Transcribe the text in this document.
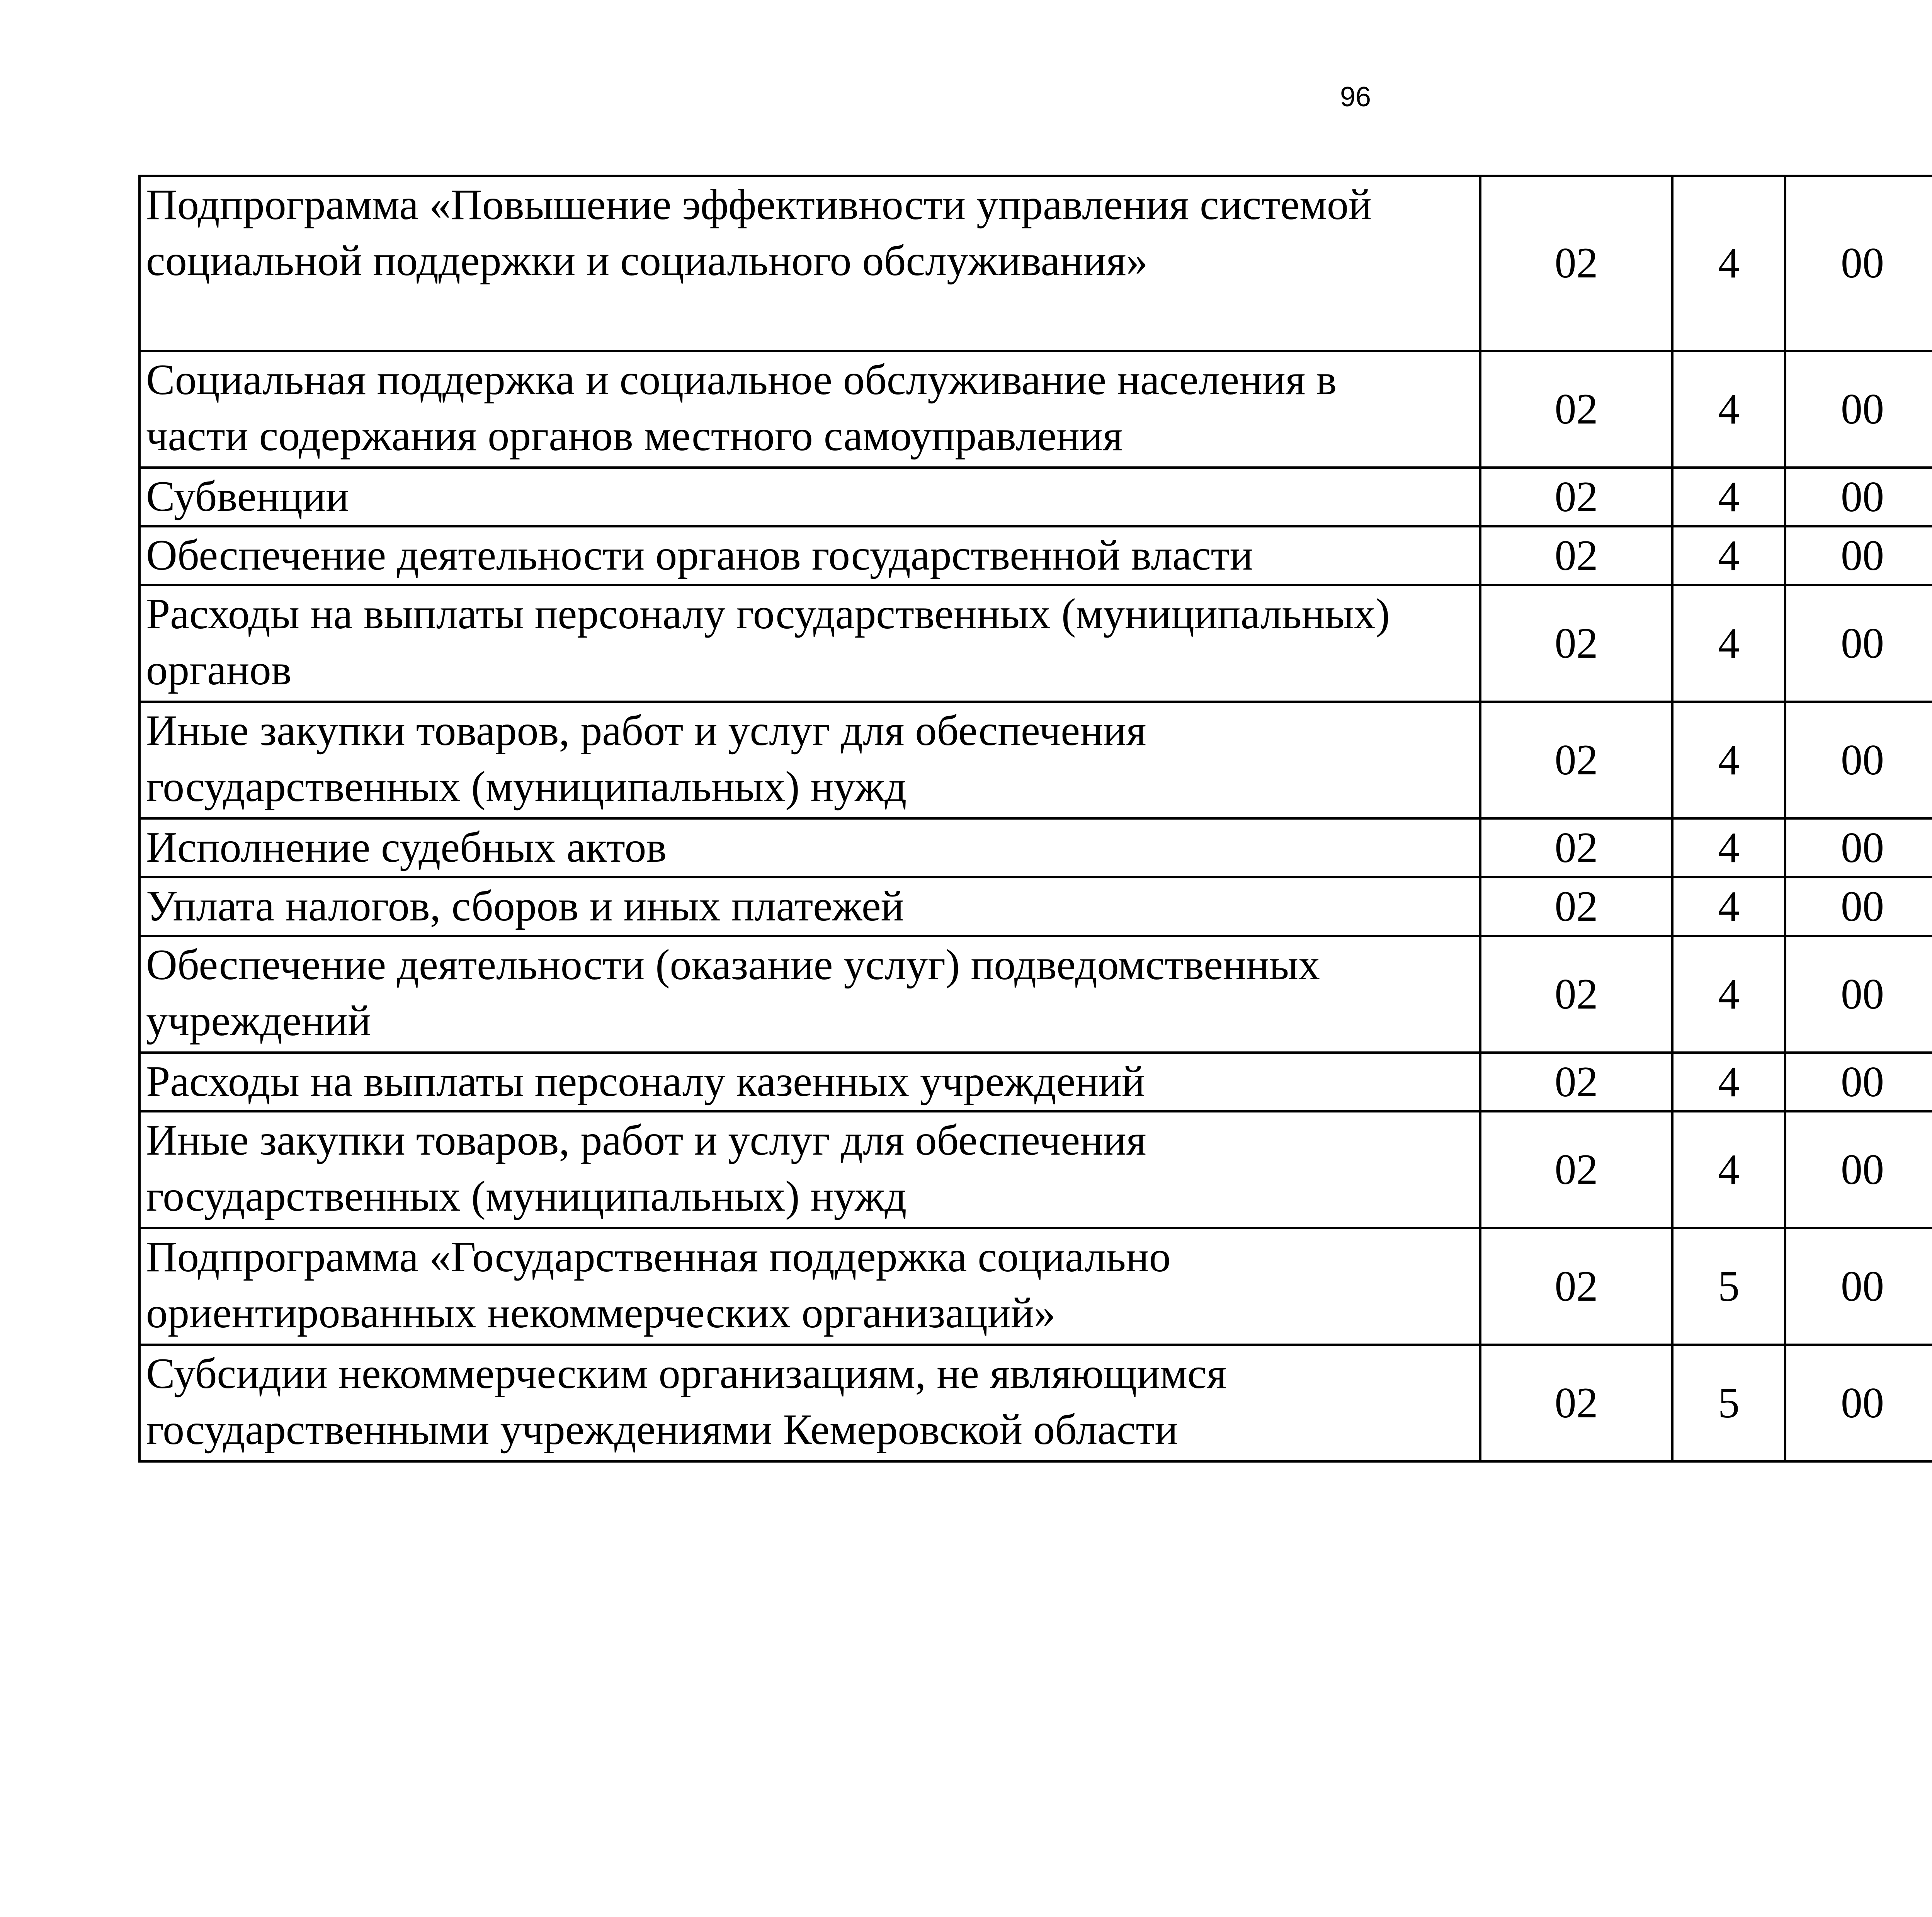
96
Подпрограмма «Повышение эффективности управления системой
социальной поддержки и социального обслуживания»	02	4	00			
Социальная поддержка и социальное обслуживание населения в
части содержания органов местного самоуправления	02	4	00			
Субвенции	02	4	00			
Обеспечение деятельности органов государственной власти	02	4	00			
Расходы на выплаты персоналу государственных (муниципальных)
органов	02	4	00			
Иные закупки товаров, работ и услуг для обеспечения
государственных (муниципальных) нужд	02	4	00			
Исполнение судебных актов	02	4	00			
Уплата налогов, сборов и иных платежей	02	4	00			
Обеспечение деятельности (оказание услуг) подведомственных
учреждений	02	4	00			
Расходы на выплаты персоналу казенных учреждений	02	4	00			
Иные закупки товаров, работ и услуг для обеспечения
государственных (муниципальных) нужд	02	4	00			
Подпрограмма «Государственная поддержка социально
ориентированных некоммерческих организаций»	02	5	00			
Субсидии некоммерческим организациям, не являющимся
государственными учреждениями Кемеровской области	02	5	00			
